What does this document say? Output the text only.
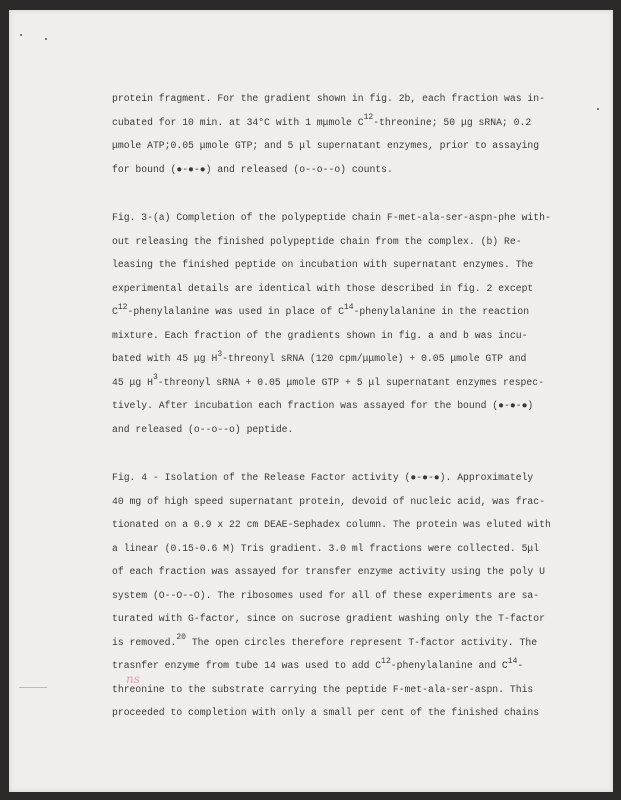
protein fragment. For the gradient shown in fig. 2b, each fraction was in-
cubated for 10 min. at 34°C with 1 mμmole $C^{12}$-threonine; 50 μg sRNA; 0.2
μmole ATP;0.05 μmole GTP; and 5 μl supernatant enzymes, prior to assaying
for bound (●-●-●) and released (o--o--o) counts.
Fig. 3-(a) Completion of the polypeptide chain F-met-ala-ser-aspn-phe with-
out releasing the finished polypeptide chain from the complex. (b) Re-
leasing the finished peptide on incubation with supernatant enzymes. The
experimental details are identical with those described in fig. 2 except
$C^{12}$-phenylalanine was used in place of $C^{14}$-phenylalanine in the reaction
mixture. Each fraction of the gradients shown in fig. a and b was incu-
bated with 45 μg $H^3$-threonyl sRNA (120 cpm/μμmole) + 0.05 μmole GTP and
45 μg $H^3$-threonyl sRNA + 0.05 μmole GTP + 5 μl supernatant enzymes respec-
tively. After incubation each fraction was assayed for the bound (●-●-●)
and released (o--o--o) peptide.
Fig. 4 - Isolation of the Release Factor activity (●-●-●). Approximately
40 mg of high speed supernatant protein, devoid of nucleic acid, was frac-
tionated on a 0.9 x 22 cm DEAE-Sephadex column. The protein was eluted with
a linear (0.15-0.6 M) Tris gradient. 3.0 ml fractions were collected. 5μl
of each fraction was assayed for transfer enzyme activity using the poly U
system (O--O--O). The ribosomes used for all of these experiments are sa-
turated with G-factor, since on sucrose gradient washing only the T-factor
is removed.$^{20}$ The open circles therefore represent T-factor activity. The
trasnfer enzyme from tube 14 was used to add $C^{12}$-phenylalanine and $C^{14}-$
threonine to the substrate carrying the peptide F-met-ala-ser-aspn. This
proceeded to completion with only a small per cent of the finished chains
ns
